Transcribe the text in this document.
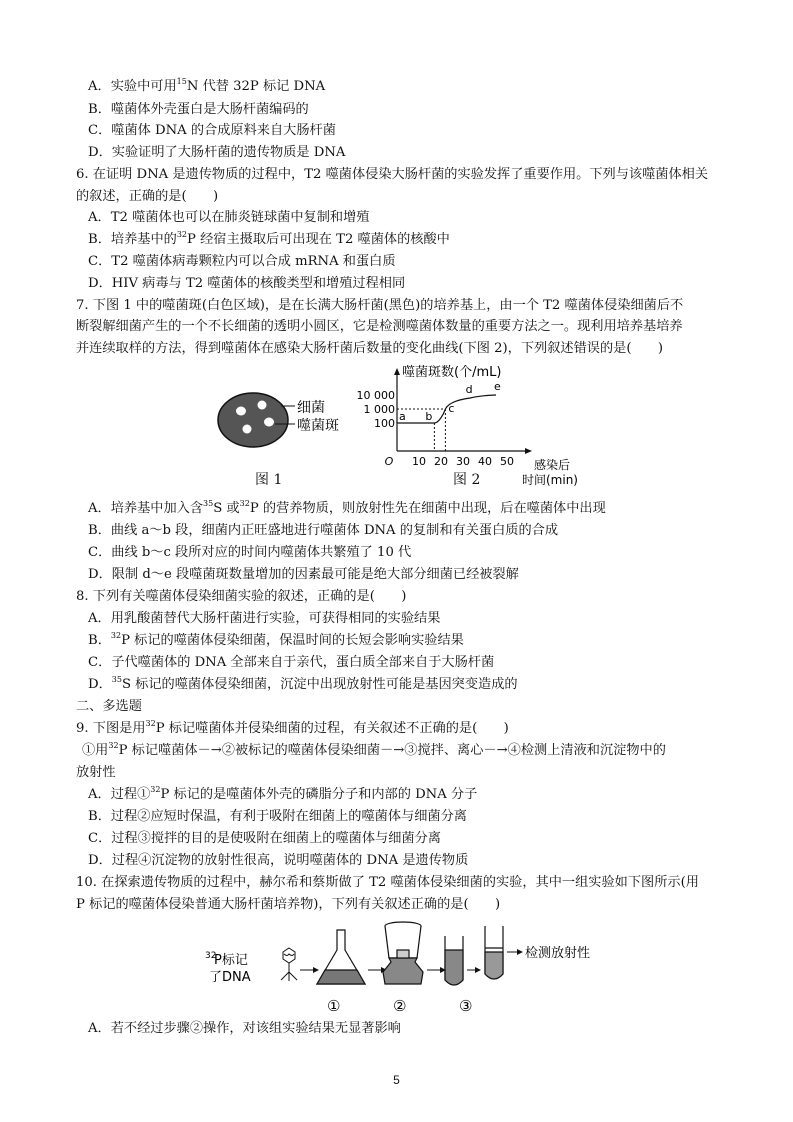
A．实验中可用$^{15}$N 代替 32P 标记 DNA
B．噬菌体外壳蛋白是大肠杆菌编码的
C．噬菌体 DNA 的合成原料来自大肠杆菌
D．实验证明了大肠杆菌的遗传物质是 DNA
6. 在证明 DNA 是遗传物质的过程中，T2 噬菌体侵染大肠杆菌的实验发挥了重要作用。下列与该噬菌体相关
的叙述，正确的是(　　)
A．T2 噬菌体也可以在肺炎链球菌中复制和增殖
B．培养基中的$^{32}$P 经宿主摄取后可出现在 T2 噬菌体的核酸中
C．T2 噬菌体病毒颗粒内可以合成 mRNA 和蛋白质
D．HIV 病毒与 T2 噬菌体的核酸类型和增殖过程相同
7. 下图 1 中的噬菌斑(白色区域)，是在长满大肠杆菌(黑色)的培养基上，由一个 T2 噬菌体侵染细菌后不
断裂解细菌产生的一个不长细菌的透明小圆区，它是检测噬菌体数量的重要方法之一。现利用培养基培养
并连续取样的方法，得到噬菌体在感染大肠杆菌后数量的变化曲线(下图 2)，下列叙述错误的是(　　)
细菌
噬菌斑
图 1
噬菌斑数(个/mL)
100
1 000
10 000
O 10 20 30 40 50
a b
c
d e
感染后
时间(min)
图 2
A．培养基中加入含$^{35}$S 或$^{32}$P 的营养物质，则放射性先在细菌中出现，后在噬菌体中出现
B．曲线 a～b 段，细菌内正旺盛地进行噬菌体 DNA 的复制和有关蛋白质的合成
C．曲线 b～c 段所对应的时间内噬菌体共繁殖了 10 代
D．限制 d～e 段噬菌斑数量增加的因素最可能是绝大部分细菌已经被裂解
8. 下列有关噬菌体侵染细菌实验的叙述，正确的是(　　)
A．用乳酸菌替代大肠杆菌进行实验，可获得相同的实验结果
B．$^{32}$P 标记的噬菌体侵染细菌，保温时间的长短会影响实验结果
C．子代噬菌体的 DNA 全部来自于亲代，蛋白质全部来自于大肠杆菌
D．$^{35}$S 标记的噬菌体侵染细菌，沉淀中出现放射性可能是基因突变造成的
二、多选题
9. 下图是用$^{32}$P 标记噬菌体并侵染细菌的过程，有关叙述不正确的是(　　)
①用$^{32}$P 标记噬菌体－→②被标记的噬菌体侵染细菌－→③搅拌、离心－→④检测上清液和沉淀物中的
放射性
A．过程①$^{32}$P 标记的是噬菌体外壳的磷脂分子和内部的 DNA 分子
B．过程②应短时保温，有利于吸附在细菌上的噬菌体与细菌分离
C．过程③搅拌的目的是使吸附在细菌上的噬菌体与细菌分离
D．过程④沉淀物的放射性很高，说明噬菌体的 DNA 是遗传物质
10. 在探索遗传物质的过程中，赫尔希和蔡斯做了 T2 噬菌体侵染细菌的实验，其中一组实验如下图所示(用
P 标记的噬菌体侵染普通大肠杆菌培养物)，下列有关叙述正确的是(　　)
32
P标记
了DNA
检测放射性
①	②	③
A．若不经过步骤②操作，对该组实验结果无显著影响
5
